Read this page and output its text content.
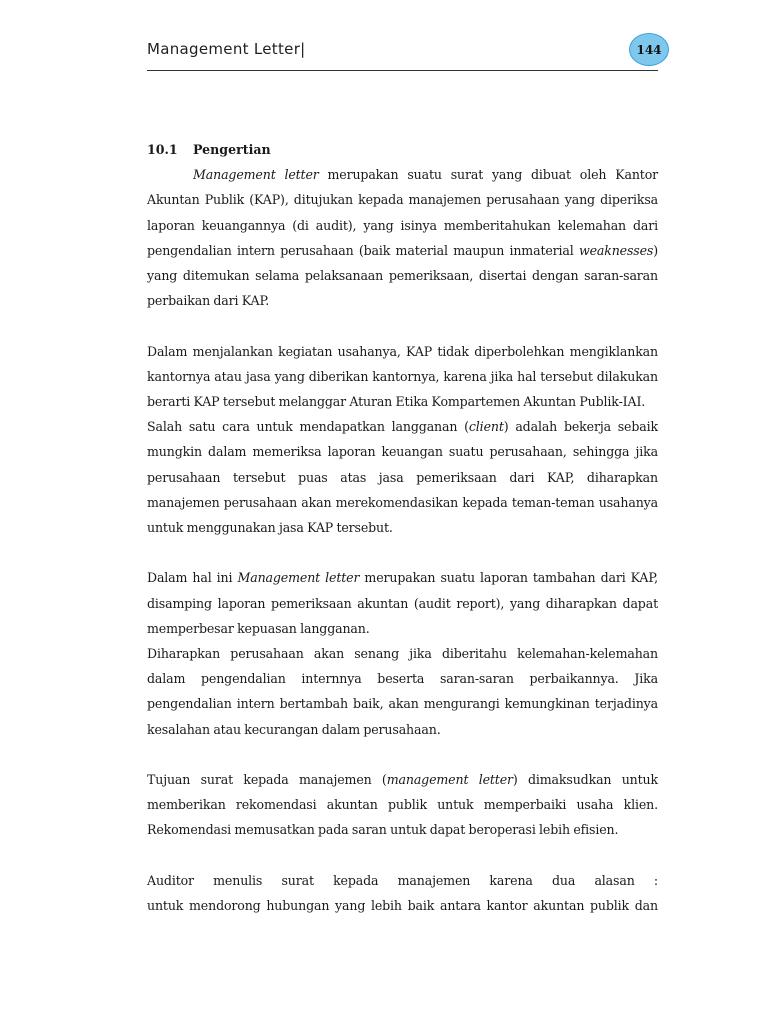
Management Letter|	144
10.1 Pengertian

Management letter merupakan suatu surat yang dibuat oleh Kantor Akuntan Publik (KAP), ditujukan kepada manajemen perusahaan yang diperiksa laporan keuangannya (di audit), yang isinya memberitahukan kelemahan dari pengendalian intern perusahaan (baik material maupun inmaterial weaknesses) yang ditemukan selama pelaksanaan pemeriksaan, disertai dengan saran-saran perbaikan dari KAP.

Dalam menjalankan kegiatan usahanya, KAP tidak diperbolehkan mengiklankan kantornya atau jasa yang diberikan kantornya, karena jika hal tersebut dilakukan berarti KAP tersebut melanggar Aturan Etika Kompartemen Akuntan Publik-IAI.

Salah satu cara untuk mendapatkan langganan (client) adalah bekerja sebaik mungkin dalam memeriksa laporan keuangan suatu perusahaan, sehingga jika perusahaan tersebut puas atas jasa pemeriksaan dari KAP, diharapkan manajemen perusahaan akan merekomendasikan kepada teman-teman usahanya untuk menggunakan jasa KAP tersebut.

Dalam hal ini Management letter merupakan suatu laporan tambahan dari KAP, disamping laporan pemeriksaan akuntan (audit report), yang diharapkan dapat memperbesar kepuasan langganan.

Diharapkan perusahaan akan senang jika diberitahu kelemahan-kelemahan dalam pengendalian internnya beserta saran-saran perbaikannya. Jika pengendalian intern bertambah baik, akan mengurangi kemungkinan terjadinya kesalahan atau kecurangan dalam perusahaan.

Tujuan surat kepada manajemen (management letter) dimaksudkan untuk memberikan rekomendasi akuntan publik untuk memperbaiki usaha klien. Rekomendasi memusatkan pada saran untuk dapat beroperasi lebih efisien.

Auditor menulis surat kepada manajemen karena dua alasan :

untuk mendorong hubungan yang lebih baik antara kantor akuntan publik dan
